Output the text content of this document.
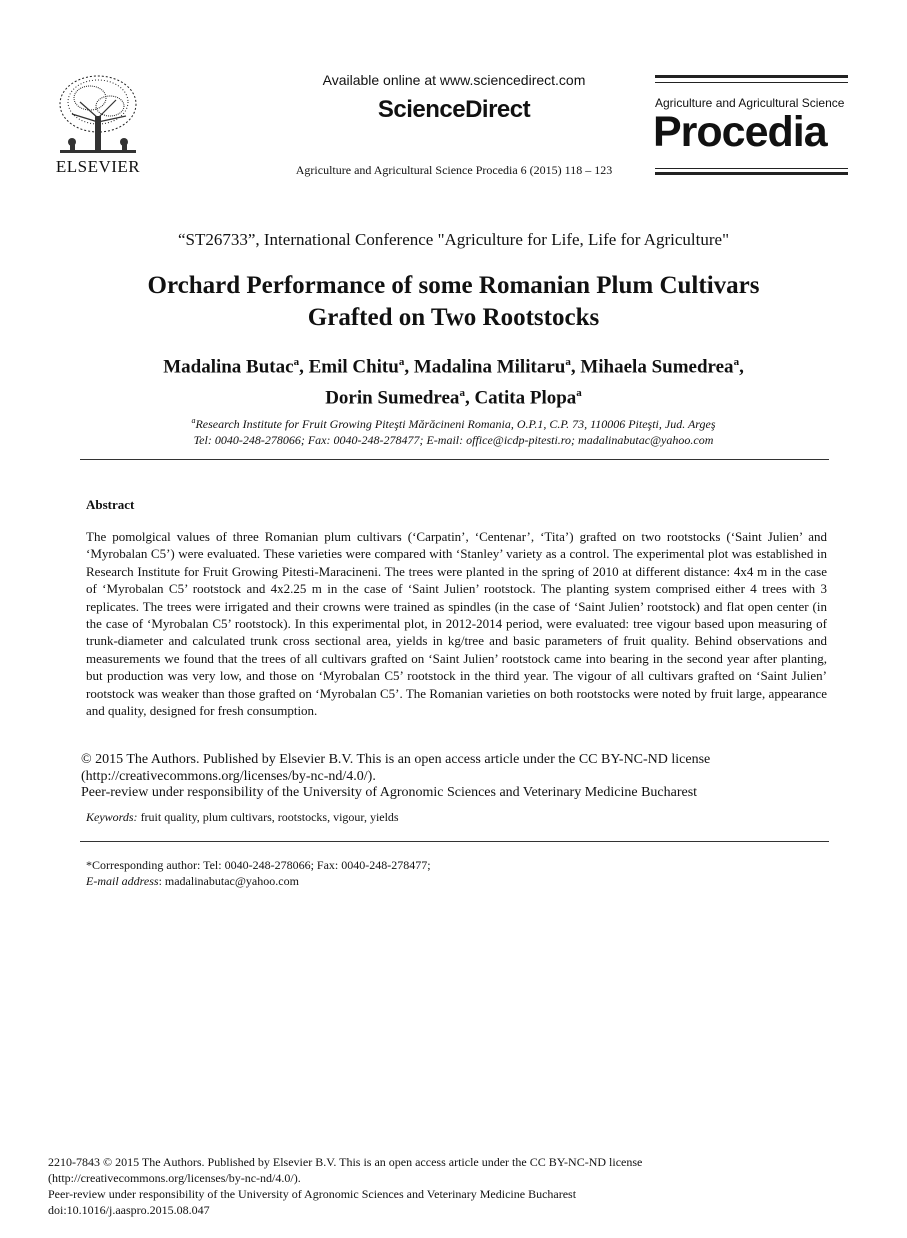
ELSEVIER
Available online at www.sciencedirect.com
ScienceDirect
Agriculture and Agricultural Science Procedia 6 (2015) 118 – 123
Agriculture and Agricultural Science
Procedia
“ST26733”, International Conference "Agriculture for Life, Life for Agriculture"
Orchard Performance of some Romanian Plum Cultivars
Grafted on Two Rootstocks
Madalina Butac$^a$, Emil Chitu$^a$, Madalina Militaru$^a$, Mihaela Sumedrea$^a$,
Dorin Sumedrea$^a$, Catita Plopa$^a$
$^a$Research Institute for Fruit Growing Piteşti Mărăcineni Romania, O.P.1, C.P. 73, 110006 Piteşti, Jud. Argeş
Tel: 0040-248-278066; Fax: 0040-248-278477; E-mail: office@icdp-pitesti.ro; madalinabutac@yahoo.com
Abstract
The pomolgical values of three Romanian plum cultivars (‘Carpatin’, ‘Centenar’, ‘Tita’) grafted on two rootstocks (‘Saint Julien’ and ‘Myrobalan C5’) were evaluated. These varieties were compared with ‘Stanley’ variety as a control. The experimental plot was established in Research Institute for Fruit Growing Pitesti-Maracineni. The trees were planted in the spring of 2010 at different distance: 4x4 m in the case of ‘Myrobalan C5’ rootstock and 4x2.25 m in the case of ‘Saint Julien’ rootstock. The planting system comprised either 4 trees with 3 replicates. The trees were irrigated and their crowns were trained as spindles (in the case of ‘Saint Julien’ rootstock) and flat open center (in the case of ‘Myrobalan C5’ rootstock). In this experimental plot, in 2012-2014 period, were evaluated: tree vigour based upon measuring of trunk-diameter and calculated trunk cross sectional area, yields in kg/tree and basic parameters of fruit quality. Behind observations and measurements we found that the trees of all cultivars grafted on ‘Saint Julien’ rootstock came into bearing in the second year after planting, but production was very low, and those on ‘Myrobalan C5’ rootstock in the third year. The vigour of all cultivars grafted on ‘Saint Julien’ rootstock was weaker than those grafted on ‘Myrobalan C5’. The Romanian varieties on both rootstocks were noted by fruit large, appearance and quality, designed for fresh consumption.
© 2015 The Authors. Published by Elsevier B.V. This is an open access article under the CC BY-NC-ND license
(http://creativecommons.org/licenses/by-nc-nd/4.0/).
Peer-review under responsibility of the University of Agronomic Sciences and Veterinary Medicine Bucharest
Keywords: fruit quality, plum cultivars, rootstocks, vigour, yields
*Corresponding author: Tel: 0040-248-278066; Fax: 0040-248-278477;
E-mail address: madalinabutac@yahoo.com
2210-7843 © 2015 The Authors. Published by Elsevier B.V. This is an open access article under the CC BY-NC-ND license
(http://creativecommons.org/licenses/by-nc-nd/4.0/).
Peer-review under responsibility of the University of Agronomic Sciences and Veterinary Medicine Bucharest
doi:10.1016/j.aaspro.2015.08.047
